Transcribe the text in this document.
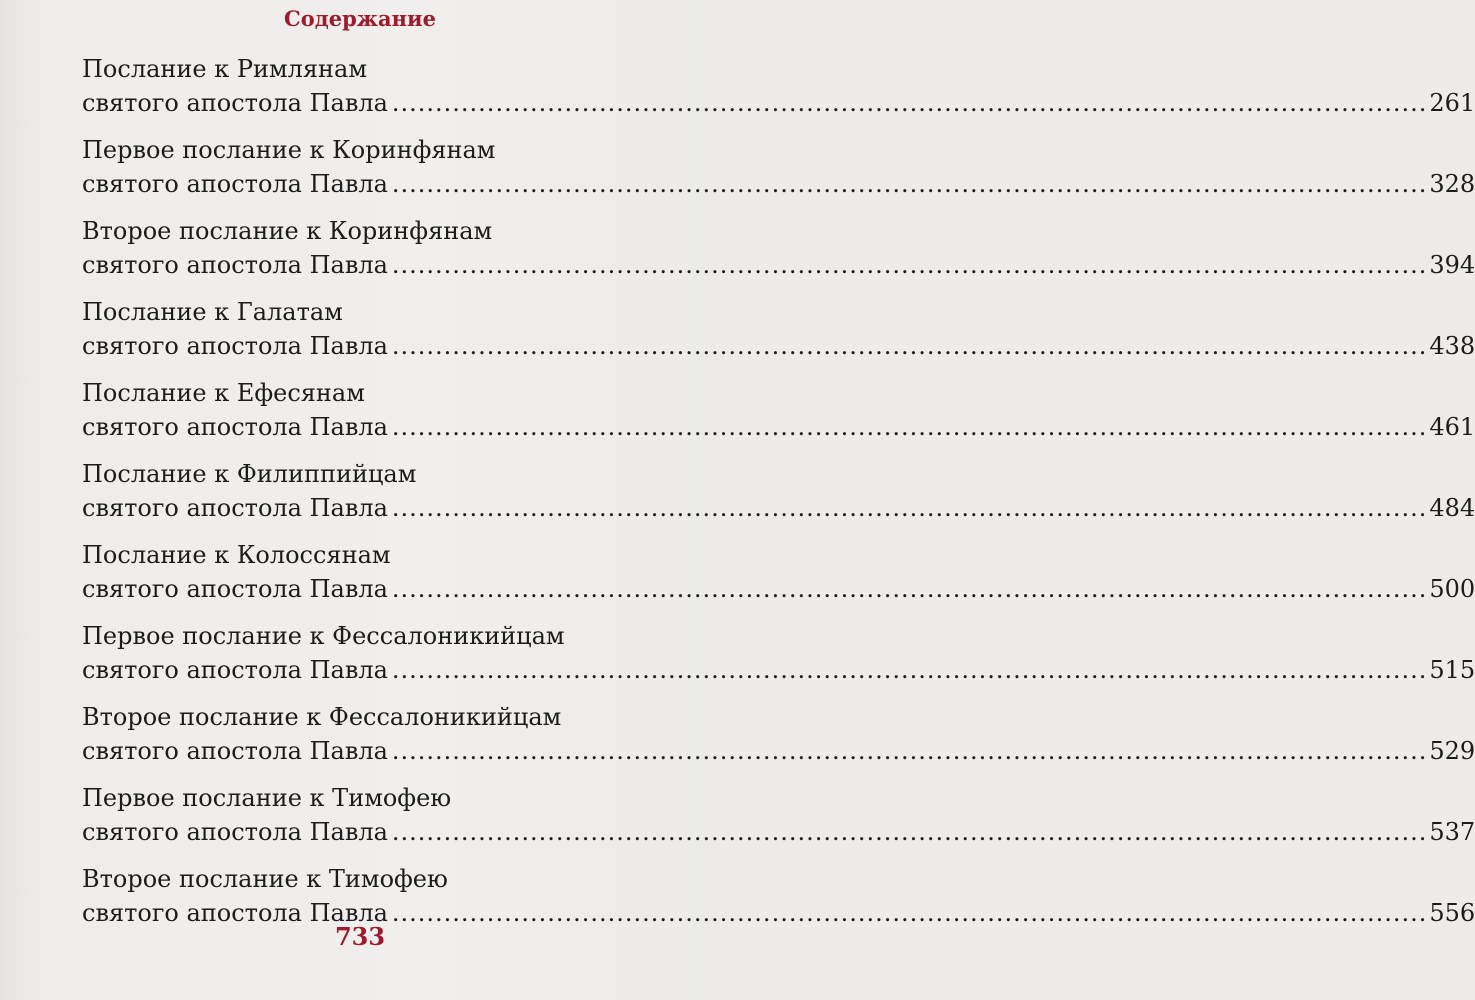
Содержание
Послание к Римлянам
святого апостола Павла ........................................................................................................................ 261
Первое послание к Коринфянам
святого апостола Павла ........................................................................................................................ 328
Второе послание к Коринфянам
святого апостола Павла ........................................................................................................................ 394
Послание к Галатам
святого апостола Павла ........................................................................................................................ 438
Послание к Ефесянам
святого апостола Павла ........................................................................................................................ 461
Послание к Филиппийцам
святого апостола Павла ........................................................................................................................ 484
Послание к Колоссянам
святого апостола Павла ........................................................................................................................ 500
Первое послание к Фессалоникийцам
святого апостола Павла ........................................................................................................................ 515
Второе послание к Фессалоникийцам
святого апостола Павла ........................................................................................................................ 529
Первое послание к Тимофею
святого апостола Павла ........................................................................................................................ 537
Второе послание к Тимофею
святого апостола Павла ........................................................................................................................ 556
733
